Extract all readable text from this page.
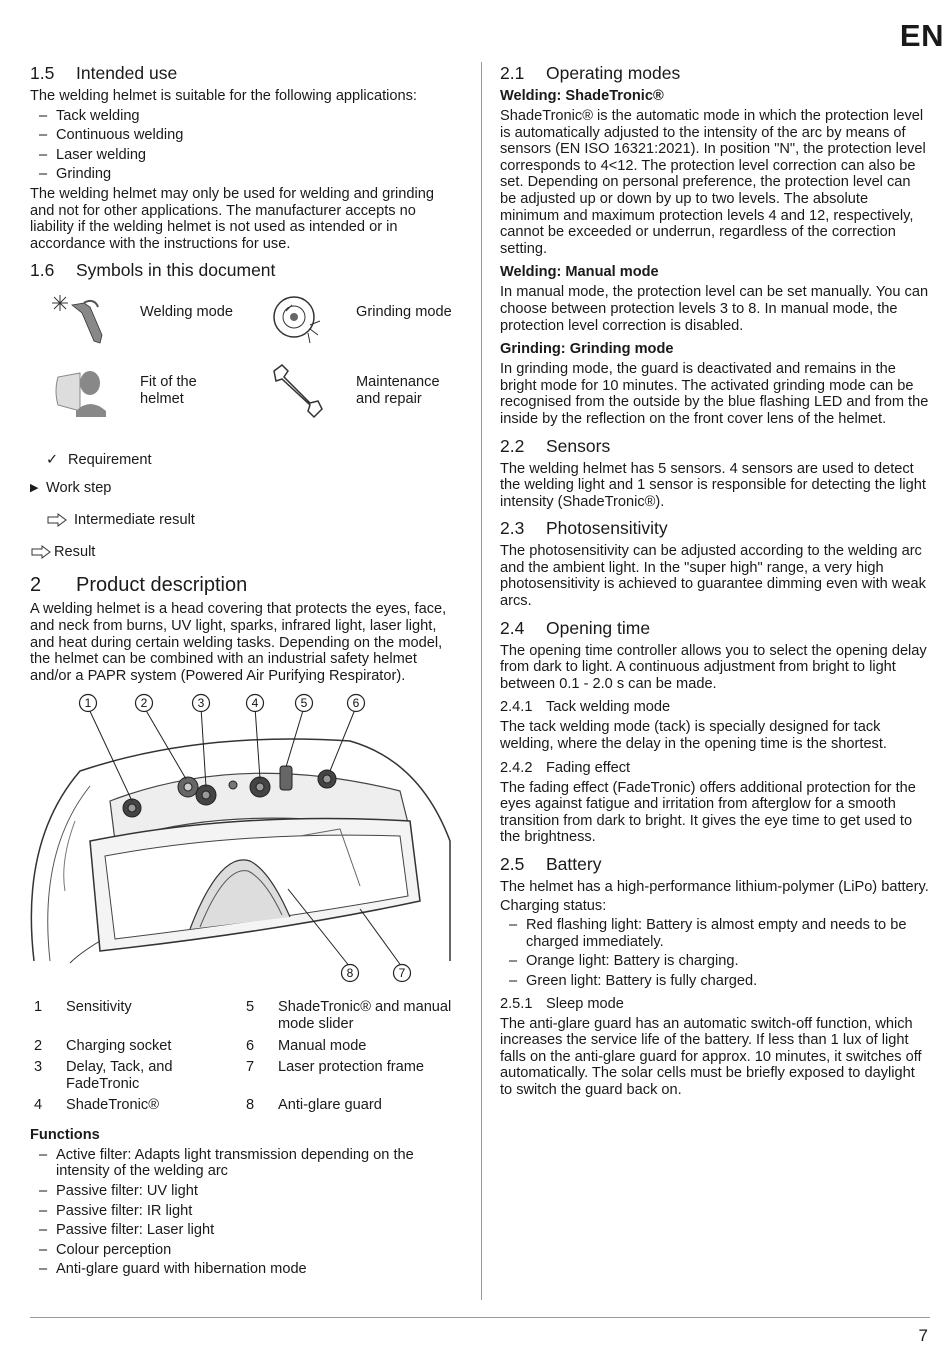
EN
1.5 Intended use

The welding helmet is suitable for the following applications:

– Tack welding
– Continuous welding
– Laser welding
– Grinding

The welding helmet may only be used for welding and grinding and not for other applications. The manufacturer accepts no liability if the welding helmet is not used as intended or in accordance with the instructions for use.

1.6 Symbols in this document
Welding mode	Grinding mode
Fit of the helmet
Maintenance and repair
✓ Requirement
▶ Work step
Intermediate result
Result
2 Product description

A welding helmet is a head covering that protects the eyes, face, and neck from burns, UV light, sparks, infrared light, laser light, and heat during certain welding tasks. Depending on the model, the helmet can be combined with an industrial safety helmet and/or a PAPR system (Powered Air Purifying Respirator).

1	2	3	4	5	6
8	7
1	Sensitivity	5	ShadeTronic® and manual mode slider
2	Charging socket	6	Manual mode
3	Delay, Tack, and FadeTronic	7	Laser protection frame
4	ShadeTronic®	8	Anti-glare guard
Functions
– Active filter: Adapts light transmission depending on the intensity of the welding arc
– Passive filter: UV light
– Passive filter: IR light
– Passive filter: Laser light
– Colour perception
– Anti-glare guard with hibernation mode
2.1 Operating modes
Welding: ShadeTronic®

ShadeTronic® is the automatic mode in which the protection level is automatically adjusted to the intensity of the arc by means of sensors (EN ISO 16321:2021). In position "N", the protection level corresponds to 4<12. The protection level correction can also be set. Depending on personal preference, the protection level can be adjusted up or down by up to two levels. The absolute minimum and maximum protection levels 4 and 12, respectively, cannot be exceeded or underrun, regardless of the correction setting.

Welding: Manual mode

In manual mode, the protection level can be set manually. You can choose between protection levels 3 to 8. In manual mode, the protection level correction is disabled.

Grinding: Grinding mode

In grinding mode, the guard is deactivated and remains in the bright mode for 10 minutes. The activated grinding mode can be recognised from the outside by the blue flashing LED and from the inside by the reflection on the front cover lens of the helmet.

2.2 Sensors

The welding helmet has 5 sensors. 4 sensors are used to detect the welding light and 1 sensor is responsible for detecting the light intensity (ShadeTronic®).

2.3 Photosensitivity

The photosensitivity can be adjusted according to the welding arc and the ambient light. In the "super high" range, a very high photosensitivity is achieved to guarantee dimming even with weak arcs.

2.4 Opening time

The opening time controller allows you to select the opening delay from dark to light. A continuous adjustment from bright to light between 0.1 - 2.0 s can be made.

2.4.1 Tack welding mode

The tack welding mode (tack) is specially designed for tack welding, where the delay in the opening time is the shortest.

2.4.2 Fading effect

The fading effect (FadeTronic) offers additional protection for the eyes against fatigue and irritation from afterglow for a smooth transition from dark to bright. It gives the eye time to get used to the brightness.

2.5 Battery

The helmet has a high-performance lithium-polymer (LiPo) battery.

Charging status:

– Red flashing light: Battery is almost empty and needs to be charged immediately.
– Orange light: Battery is charging.
– Green light: Battery is fully charged.
2.5.1 Sleep mode

The anti-glare guard has an automatic switch-off function, which increases the service life of the battery. If less than 1 lux of light falls on the anti-glare guard for approx. 10 minutes, it switches off automatically. The solar cells must be briefly exposed to daylight to switch the guard back on.

7
